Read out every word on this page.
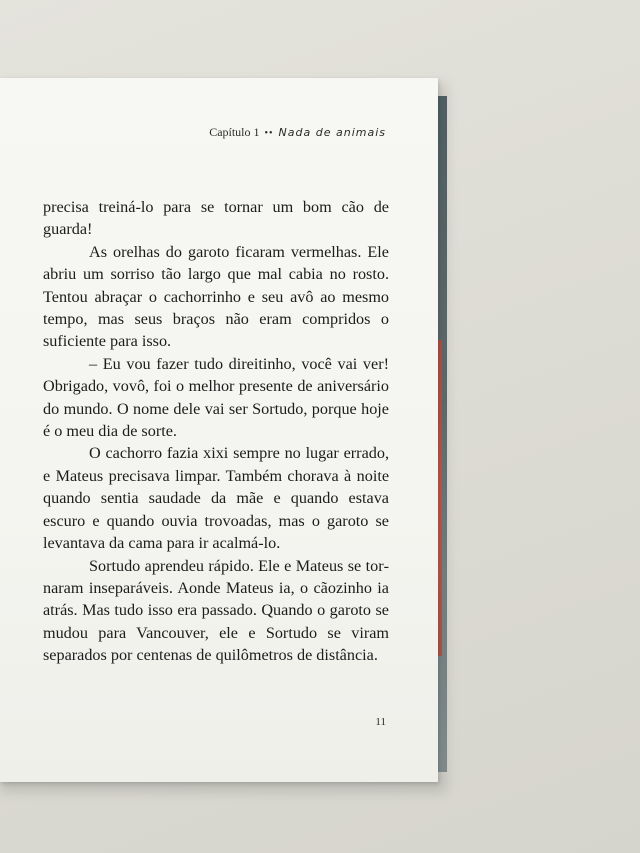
Capítulo 1 •• Nada de animais

precisa treiná-lo para se tornar um bom cão de guarda!

As orelhas do garoto ficaram vermelhas. Ele abriu um sorriso tão largo que mal cabia no rosto. Tentou abraçar o cachorrinho e seu avô ao mesmo tempo, mas seus braços não eram compridos o suficiente para isso.

– Eu vou fazer tudo direitinho, você vai ver! Obrigado, vovô, foi o melhor presente de aniversário do mundo. O nome dele vai ser Sortudo, porque hoje é o meu dia de sorte.

O cachorro fazia xixi sempre no lugar errado, e Mateus precisava limpar. Também chorava à noite quando sentia saudade da mãe e quando estava escuro e quando ouvia trovoadas, mas o garoto se levantava da cama para ir acalmá-lo.

Sortudo aprendeu rápido. Ele e Mateus se tornaram inseparáveis. Aonde Mateus ia, o cãozinho ia atrás. Mas tudo isso era passado. Quando o garoto se mudou para Vancouver, ele e Sortudo se viram separados por centenas de quilômetros de distância.

11
